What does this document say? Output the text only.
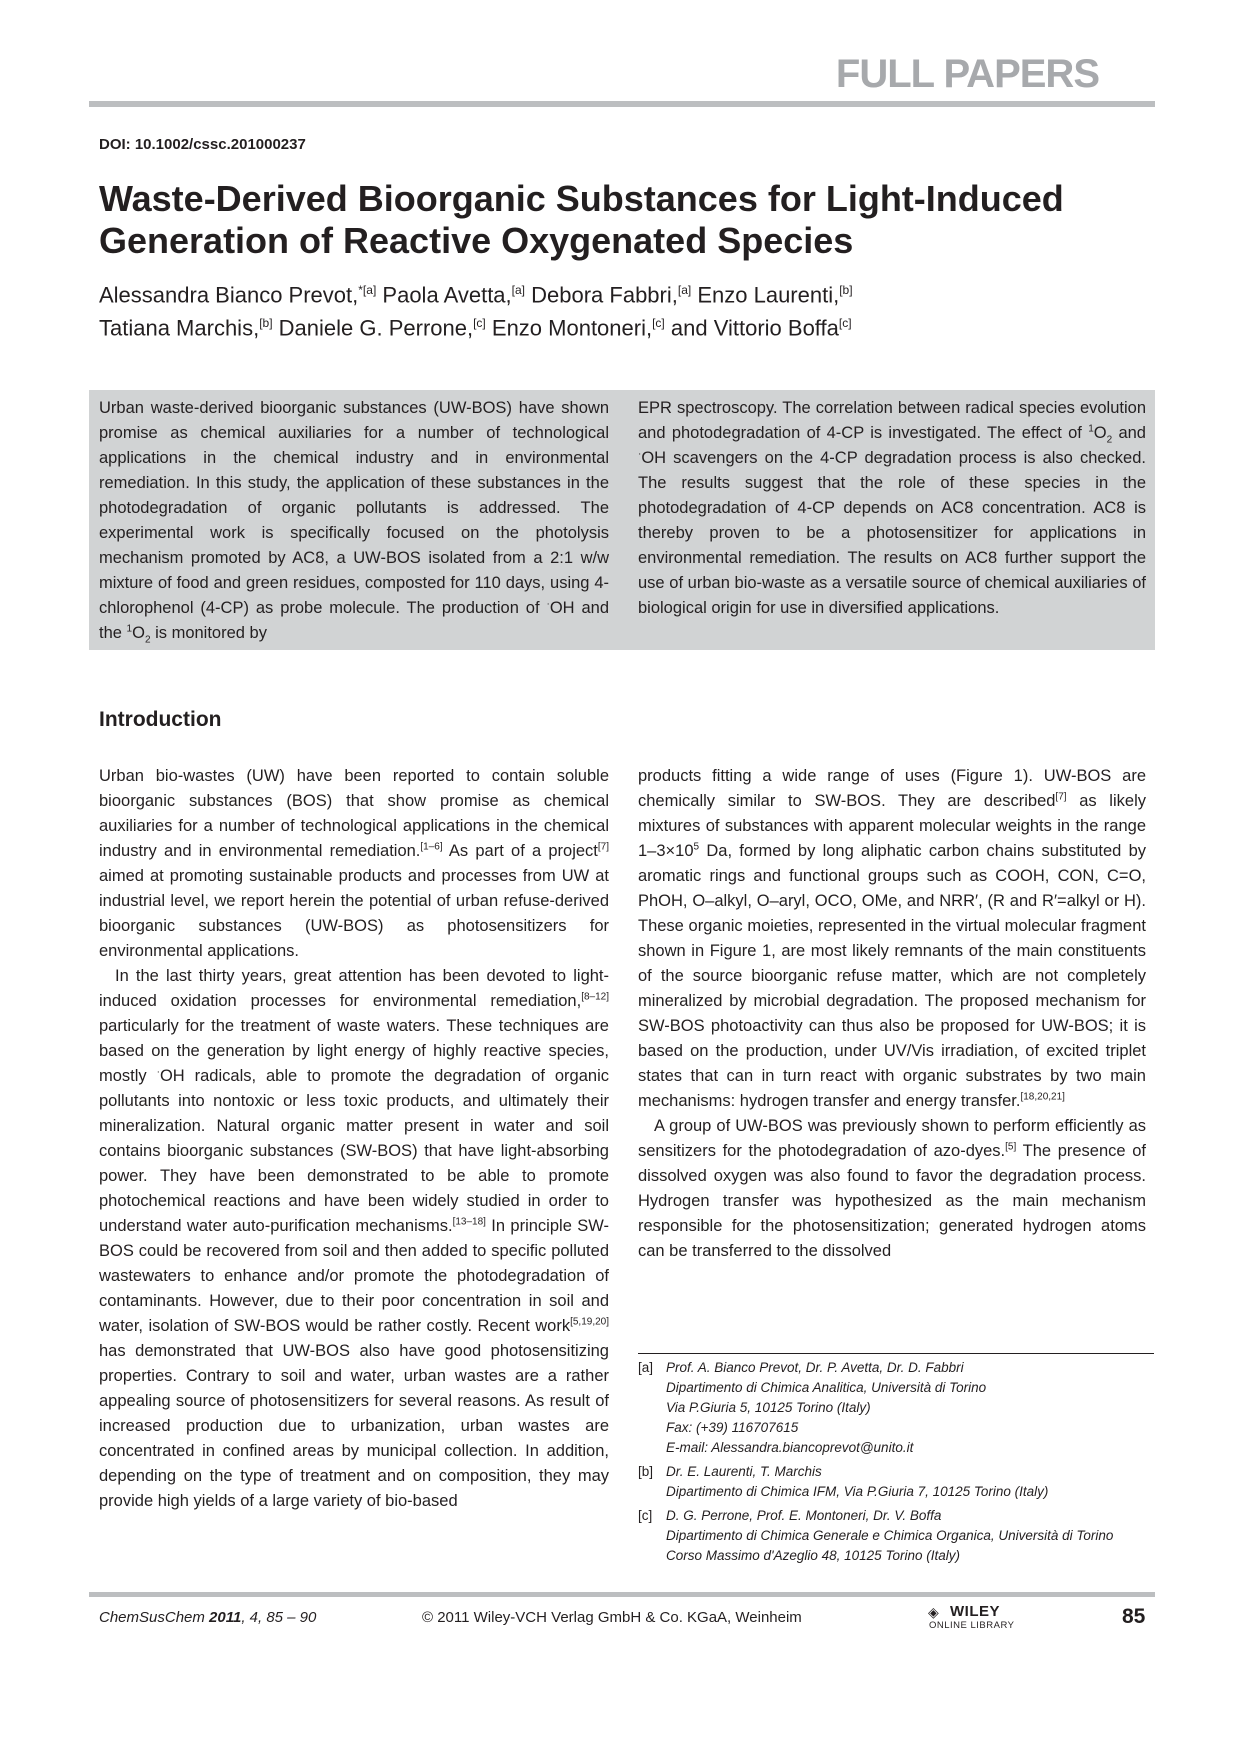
FULL PAPERS
DOI: 10.1002/cssc.201000237
Waste-Derived Bioorganic Substances for Light-Induced Generation of Reactive Oxygenated Species
Alessandra Bianco Prevot,$^{*[a]}$ Paola Avetta,[a] Debora Fabbri,[a] Enzo Laurenti,[b]
Tatiana Marchis,[b] Daniele G. Perrone,[c] Enzo Montoneri,[c] and Vittorio Boffa[c]

Urban waste-derived bioorganic substances (UW-BOS) have shown promise as chemical auxiliaries for a number of technological applications in the chemical industry and in environmental remediation. In this study, the application of these substances in the photodegradation of organic pollutants is addressed. The experimental work is specifically focused on the photolysis mechanism promoted by AC8, a UW-BOS isolated from a 2:1 w/w mixture of food and green residues, composted for 110 days, using 4-chlorophenol (4-CP) as probe molecule. The production of ·OH and the $^1O_2$ is monitored by

EPR spectroscopy. The correlation between radical species evolution and photodegradation of 4-CP is investigated. The effect of $^1O_2$ and ·OH scavengers on the 4-CP degradation process is also checked. The results suggest that the role of these species in the photodegradation of 4-CP depends on AC8 concentration. AC8 is thereby proven to be a photosensitizer for applications in environmental remediation. The results on AC8 further support the use of urban bio-waste as a versatile source of chemical auxiliaries of biological origin for use in diversified applications.

Introduction

Urban bio-wastes (UW) have been reported to contain soluble bioorganic substances (BOS) that show promise as chemical auxiliaries for a number of technological applications in the chemical industry and in environmental remediation.[1–6] As part of a project[7] aimed at promoting sustainable products and processes from UW at industrial level, we report herein the potential of urban refuse-derived bioorganic substances (UW-BOS) as photosensitizers for environmental applications.

In the last thirty years, great attention has been devoted to light-induced oxidation processes for environmental remediation,[8–12] particularly for the treatment of waste waters. These techniques are based on the generation by light energy of highly reactive species, mostly ·OH radicals, able to promote the degradation of organic pollutants into nontoxic or less toxic products, and ultimately their mineralization. Natural organic matter present in water and soil contains bioorganic substances (SW-BOS) that have light-absorbing power. They have been demonstrated to be able to promote photochemical reactions and have been widely studied in order to understand water auto-purification mechanisms.[13–18] In principle SW-BOS could be recovered from soil and then added to specific polluted wastewaters to enhance and/or promote the photodegradation of contaminants. However, due to their poor concentration in soil and water, isolation of SW-BOS would be rather costly. Recent work[5,19,20] has demonstrated that UW-BOS also have good photosensitizing properties. Contrary to soil and water, urban wastes are a rather appealing source of photosensitizers for several reasons. As result of increased production due to urbanization, urban wastes are concentrated in confined areas by municipal collection. In addition, depending on the type of treatment and on composition, they may provide high yields of a large variety of bio-based

products fitting a wide range of uses (Figure 1). UW-BOS are chemically similar to SW-BOS. They are described[7] as likely mixtures of substances with apparent molecular weights in the range $1-3\times 10^5$ Da, formed by long aliphatic carbon chains substituted by aromatic rings and functional groups such as COOH, CON, C=O, PhOH, O–alkyl, O–aryl, OCO, OMe, and NRR′, (R and R′=alkyl or H). These organic moieties, represented in the virtual molecular fragment shown in Figure 1, are most likely remnants of the main constituents of the source bioorganic refuse matter, which are not completely mineralized by microbial degradation. The proposed mechanism for SW-BOS photoactivity can thus also be proposed for UW-BOS; it is based on the production, under UV/Vis irradiation, of excited triplet states that can in turn react with organic substrates by two main mechanisms: hydrogen transfer and energy transfer.[18,20,21]

A group of UW-BOS was previously shown to perform efficiently as sensitizers for the photodegradation of azo-dyes.[5] The presence of dissolved oxygen was also found to favor the degradation process. Hydrogen transfer was hypothesized as the main mechanism responsible for the photosensitization; generated hydrogen atoms can be transferred to the dissolved

[a] Prof. A. Bianco Prevot, Dr. P. Avetta, Dr. D. Fabbri
Dipartimento di Chimica Analitica, Università di Torino
Via P.Giuria 5, 10125 Torino (Italy)
Fax: (+39) 116707615
E-mail: Alessandra.biancoprevot@unito.it
[b] Dr. E. Laurenti, T. Marchis
Dipartimento di Chimica IFM, Via P.Giuria 7, 10125 Torino (Italy)
[c]	D. G. Perrone, Prof. E. Montoneri, Dr. V. Boffa
Dipartimento di Chimica Generale e Chimica Organica, Università di Torino
Corso Massimo d'Azeglio 48, 10125 Torino (Italy)
ChemSusChem 2011, 4, 85 – 90	© 2011 Wiley-VCH Verlag GmbH & Co. KGaA, Weinheim	◈ WILEY
ONLINE LIBRARY	85
